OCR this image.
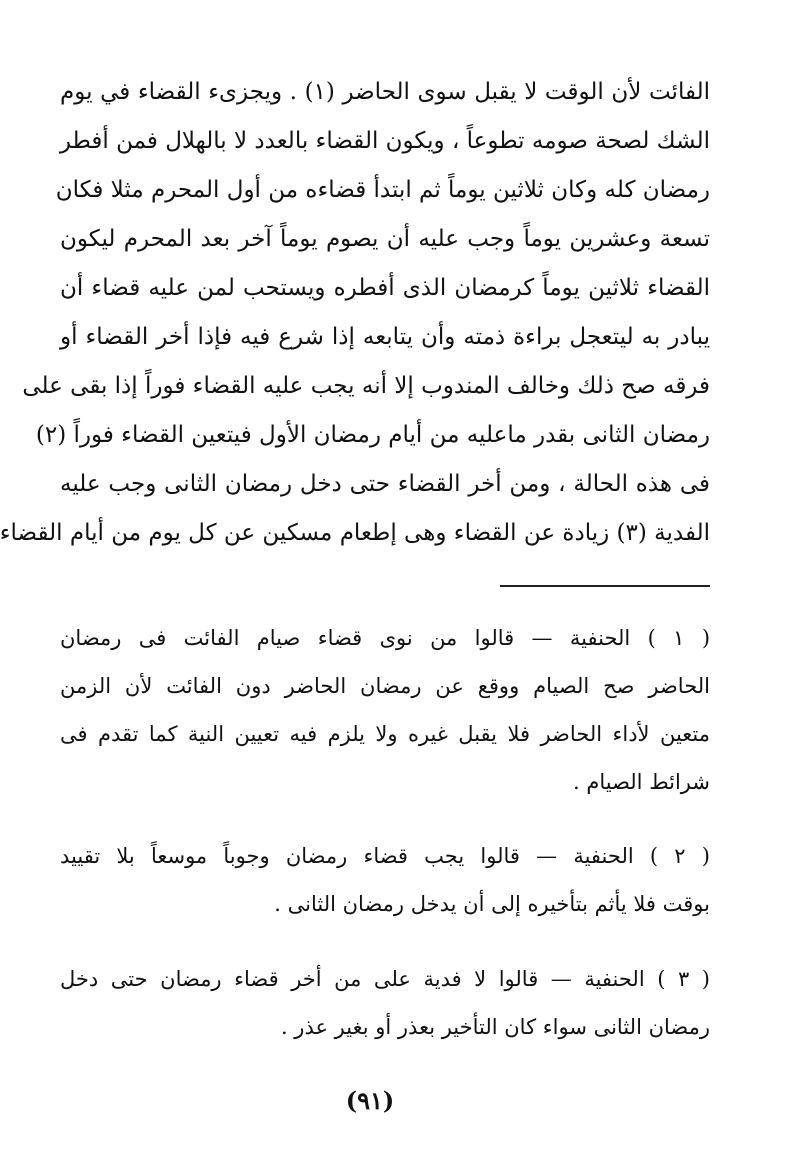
الفائت لأن الوقت لا يقبل سوى الحاضر (١) . ويجزىء القضاء في يوم
الشك لصحة صومه تطوعاً ، ويكون القضاء بالعدد لا بالهلال فمن أفطر
رمضان كله وكان ثلاثين يوماً ثم ابتدأ قضاءه من أول المحرم مثلا فكان
تسعة وعشرين يوماً وجب عليه أن يصوم يوماً آخر بعد المحرم ليكون
القضاء ثلاثين يوماً كرمضان الذى أفطره ويستحب لمن عليه قضاء أن
يبادر به ليتعجل براءة ذمته وأن يتابعه إذا شرع فيه فإذا أخر القضاء أو
فرقه صح ذلك وخالف المندوب إلا أنه يجب عليه القضاء فوراً إذا بقى على
رمضان الثانى بقدر ماعليه من أيام رمضان الأول فيتعين القضاء فوراً (٢)
فى هذه الحالة ، ومن أخر القضاء حتى دخل رمضان الثانى وجب عليه
الفدية (٣) زيادة عن القضاء وهى إطعام مسكين عن كل يوم من أيام القضاء
( ١ ) الحنفية — قالوا من نوى قضاء صيام الفائت فى رمضان
الحاضر صح الصيام ووقع عن رمضان الحاضر دون الفائت لأن الزمن
متعين لأداء الحاضر فلا يقبل غيره ولا يلزم فيه تعيين النية كما تقدم فى
شرائط الصيام .
( ٢ ) الحنفية — قالوا يجب قضاء رمضان وجوباً موسعاً بلا تقييد
بوقت فلا يأثم بتأخيره إلى أن يدخل رمضان الثانى .
( ٣ ) الحنفية — قالوا لا فدية على من أخر قضاء رمضان حتى دخل
رمضان الثانى سواء كان التأخير بعذر أو بغير عذر .
(٩١)
